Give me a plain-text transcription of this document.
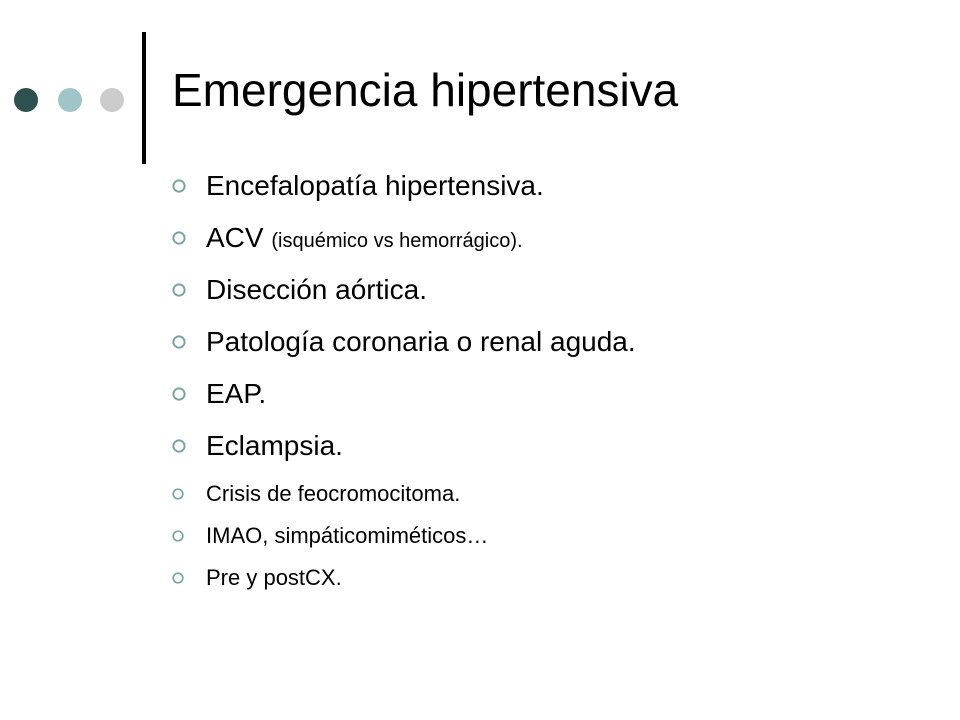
Emergencia hipertensiva
Encefalopatía hipertensiva.
ACV (isquémico vs hemorrágico).
Disección aórtica.
Patología coronaria o renal aguda.
EAP.
Eclampsia.
Crisis de feocromocitoma.
IMAO, simpáticomiméticos…
Pre y postCX.
